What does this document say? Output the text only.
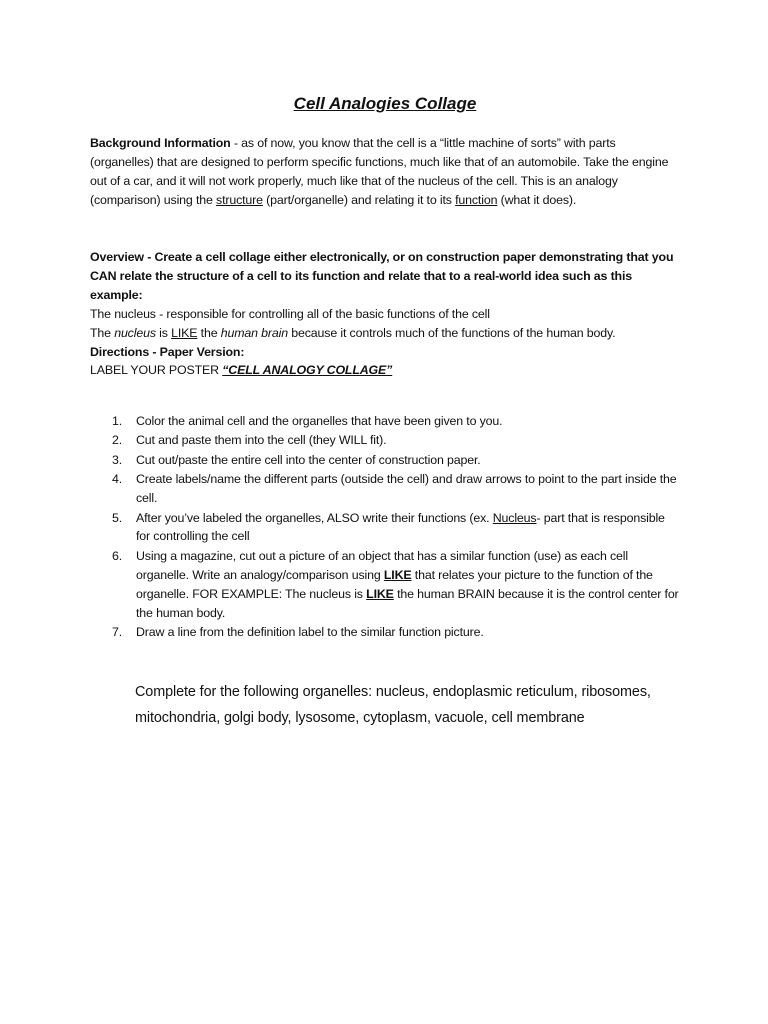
Cell Analogies Collage

Background Information - as of now, you know that the cell is a “little machine of sorts” with parts (organelles) that are designed to perform specific functions, much like that of an automobile. Take the engine out of a car, and it will not work properly, much like that of the nucleus of the cell. This is an analogy (comparison) using the structure (part/organelle) and relating it to its function (what it does).

Overview - Create a cell collage either electronically, or on construction paper demonstrating that you CAN relate the structure of a cell to its function and relate that to a real-world idea such as this example:
The nucleus - responsible for controlling all of the basic functions of the cell
The nucleus is LIKE the human brain because it controls much of the functions of the human body.
Directions - Paper Version:
LABEL YOUR POSTER “CELL ANALOGY COLLAGE”

1. Color the animal cell and the organelles that have been given to you.
2. Cut and paste them into the cell (they WILL fit).
3. Cut out/paste the entire cell into the center of construction paper.
4. Create labels/name the different parts (outside the cell) and draw arrows to point to the part inside the cell.
5. After you’ve labeled the organelles, ALSO write their functions (ex. Nucleus- part that is responsible for controlling the cell
6. Using a magazine, cut out a picture of an object that has a similar function (use) as each cell organelle. Write an analogy/comparison using LIKE that relates your picture to the function of the organelle. FOR EXAMPLE: The nucleus is LIKE the human BRAIN because it is the control center for the human body.
7. Draw a line from the definition label to the similar function picture.

Complete for the following organelles: nucleus, endoplasmic reticulum, ribosomes, mitochondria, golgi body, lysosome, cytoplasm, vacuole, cell membrane
